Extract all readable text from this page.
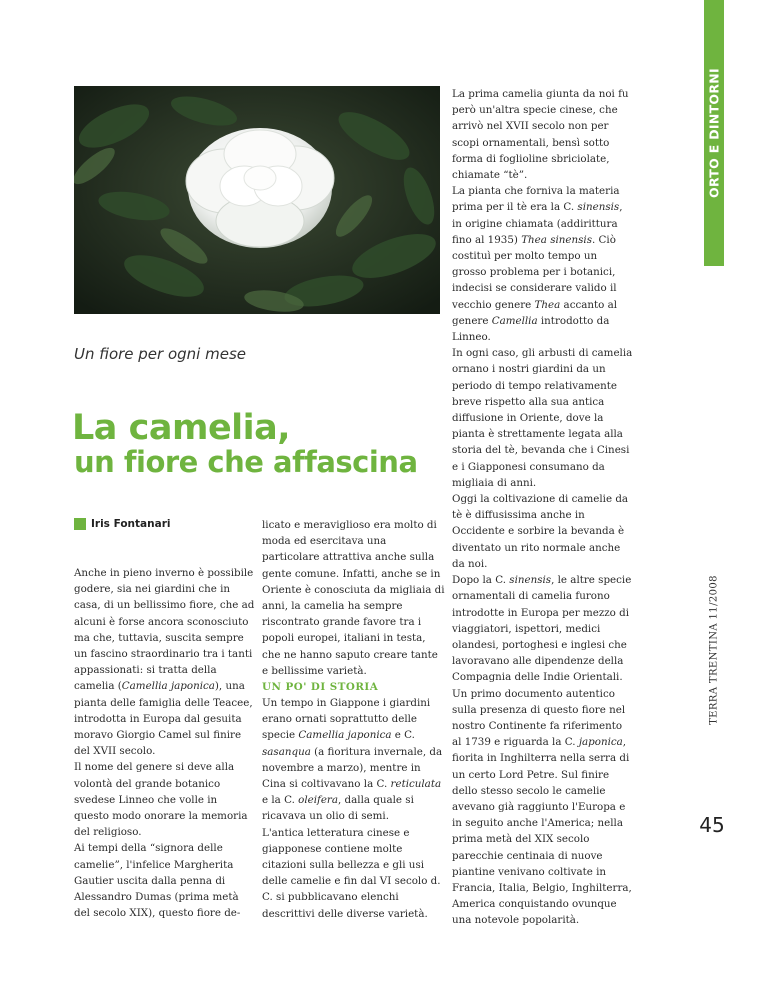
Un fiore per ogni mese
La camelia,
un fiore che affascina
Iris Fontanari

Anche in pieno inverno è possibile godere, sia nei giardini che in casa, di un bellissimo fiore, che ad alcuni è forse ancora sconosciuto ma che, tuttavia, suscita sempre un fascino straordinario tra i tanti appassionati: si tratta della camelia (Camellia japonica), una pianta delle famiglia delle Teacee, introdotta in Europa dal gesuita moravo Giorgio Camel sul finire del XVII secolo.

Il nome del genere si deve alla volontà del grande botanico svedese Linneo che volle in questo modo onorare la memoria del religioso.

Ai tempi della “signora delle camelie”, l'infelice Margherita Gautier uscita dalla penna di Alessandro Dumas (prima metà del secolo XIX), questo fiore de-

licato e meraviglioso era molto di moda ed esercitava una particolare attrattiva anche sulla gente comune. Infatti, anche se in Oriente è conosciuta da migliaia di anni, la camelia ha sempre riscontrato grande favore tra i popoli europei, italiani in testa, che ne hanno saputo creare tante e bellissime varietà.

UN PO' DI STORIA

Un tempo in Giappone i giardini erano ornati soprattutto delle specie Camellia japonica e C. sasanqua (a fioritura invernale, da novembre a marzo), mentre in Cina si coltivavano la C. reticulata e la C. oleifera, dalla quale si ricavava un olio di semi.

L'antica letteratura cinese e giapponese contiene molte citazioni sulla bellezza e gli usi delle camelie e fin dal VI secolo d. C. si pubblicavano elenchi descrittivi delle diverse varietà.

La prima camelia giunta da noi fu però un'altra specie cinese, che arrivò nel XVII secolo non per scopi ornamentali, bensì sotto forma di foglioline sbriciolate, chiamate “tè”.

La pianta che forniva la materia prima per il tè era la C. sinensis, in origine chiamata (addirittura fino al 1935) Thea sinensis. Ciò costituì per molto tempo un grosso problema per i botanici, indecisi se considerare valido il vecchio genere Thea accanto al genere Camellia introdotto da Linneo.

In ogni caso, gli arbusti di camelia ornano i nostri giardini da un periodo di tempo relativamente breve rispetto alla sua antica diffusione in Oriente, dove la pianta è strettamente legata alla storia del tè, bevanda che i Cinesi e i Giapponesi consumano da migliaia di anni.

Oggi la coltivazione di camelie da tè è diffusissima anche in Occidente e sorbire la bevanda è diventato un rito normale anche da noi.

Dopo la C. sinensis, le altre specie ornamentali di camelia furono introdotte in Europa per mezzo di viaggiatori, ispettori, medici olandesi, portoghesi e inglesi che lavoravano alle dipendenze della Compagnia delle Indie Orientali.

Un primo documento autentico sulla presenza di questo fiore nel nostro Continente fa riferimento al 1739 e riguarda la C. japonica, fiorita in Inghilterra nella serra di un certo Lord Petre. Sul finire dello stesso secolo le camelie avevano già raggiunto l'Europa e in seguito anche l'America; nella prima metà del XIX secolo parecchie centinaia di nuove piantine venivano coltivate in Francia, Italia, Belgio, Inghilterra, America conquistando ovunque una notevole popolarità.

ORTO E DINTORNI
TERRA TRENTINA 11/2008
45
